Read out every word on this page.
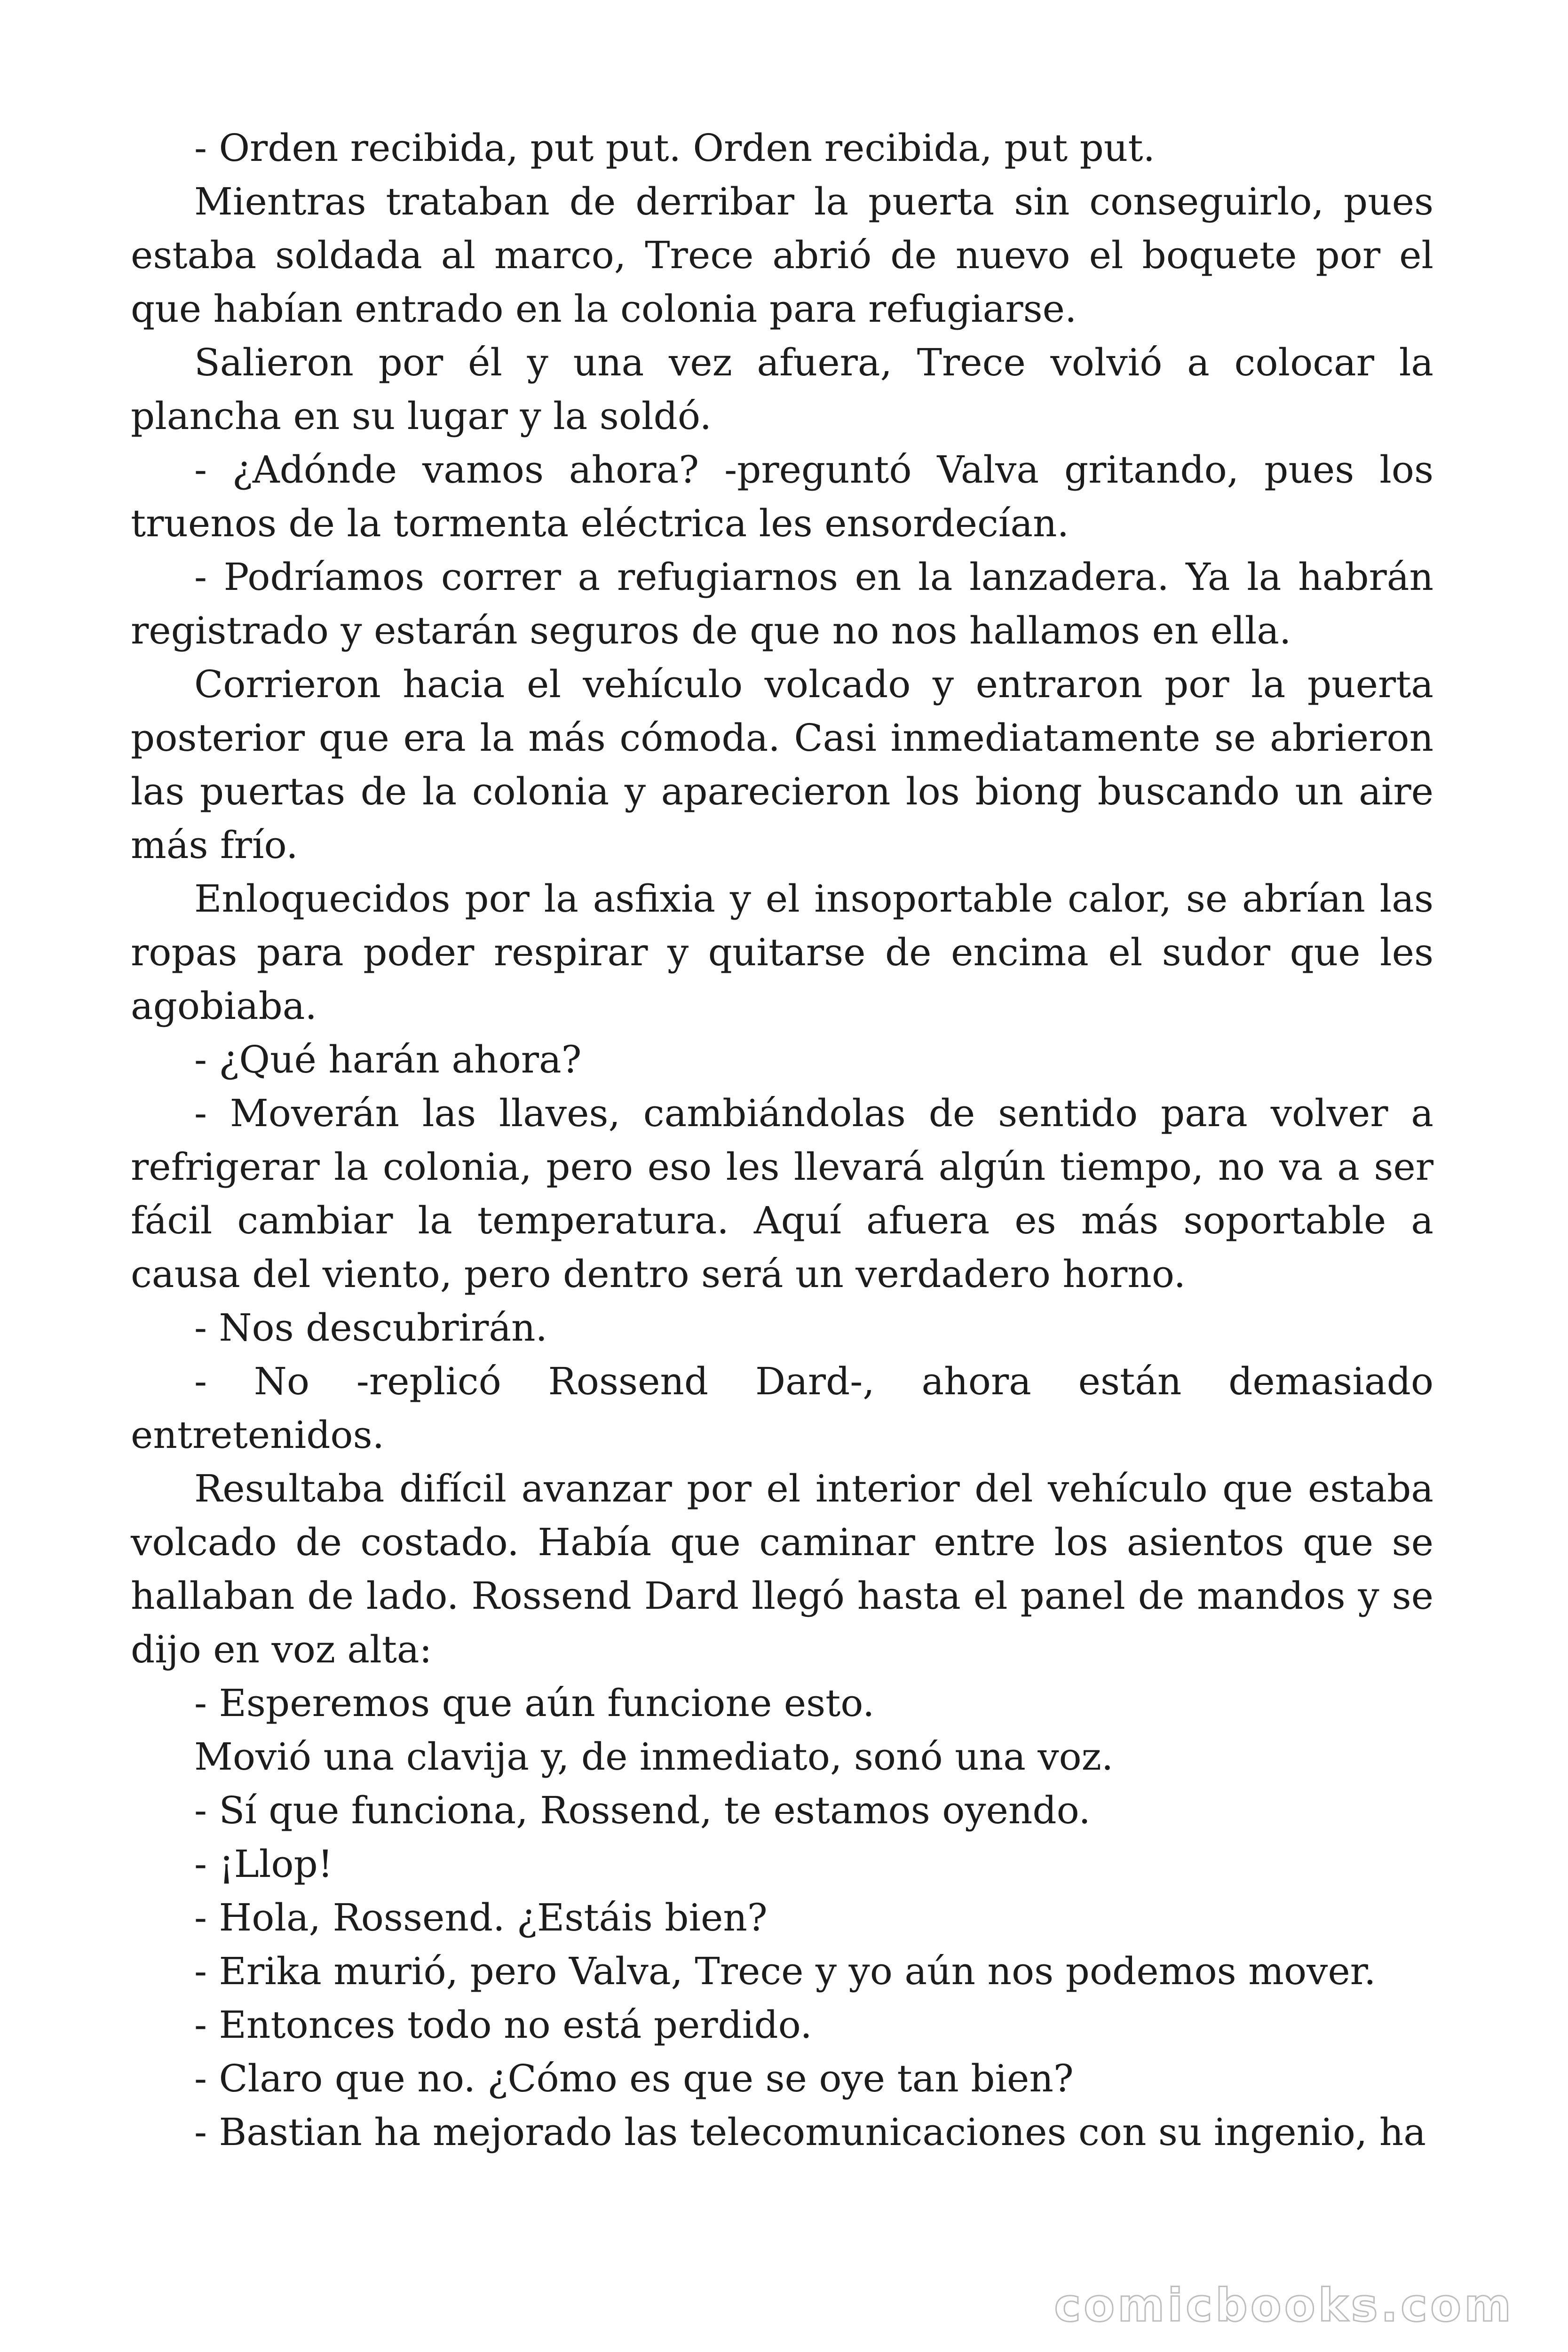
- Orden recibida, put put. Orden recibida, put put.

Mientras trataban de derribar la puerta sin conseguirlo, pues estaba soldada al marco, Trece abrió de nuevo el boquete por el que habían entrado en la colonia para refugiarse.

Salieron por él y una vez afuera, Trece volvió a colocar la plancha en su lugar y la soldó.

- ¿Adónde vamos ahora? -preguntó Valva gritando, pues los truenos de la tormenta eléctrica les ensordecían.

- Podríamos correr a refugiarnos en la lanzadera. Ya la habrán registrado y estarán seguros de que no nos hallamos en ella.

Corrieron hacia el vehículo volcado y entraron por la puerta posterior que era la más cómoda. Casi inmediatamente se abrieron las puertas de la colonia y aparecieron los biong buscando un aire más frío.

Enloquecidos por la asfixia y el insoportable calor, se abrían las ropas para poder respirar y quitarse de encima el sudor que les agobiaba.

- ¿Qué harán ahora?

- Moverán las llaves, cambiándolas de sentido para volver a refrigerar la colonia, pero eso les llevará algún tiempo, no va a ser fácil cambiar la temperatura. Aquí afuera es más soportable a causa del viento, pero dentro será un verdadero horno.

- Nos descubrirán.

- No -replicó Rossend Dard-, ahora están demasiado entretenidos.

Resultaba difícil avanzar por el interior del vehículo que estaba volcado de costado. Había que caminar entre los asientos que se hallaban de lado. Rossend Dard llegó hasta el panel de mandos y se dijo en voz alta:

- Esperemos que aún funcione esto.

Movió una clavija y, de inmediato, sonó una voz.

- Sí que funciona, Rossend, te estamos oyendo.

- ¡Llop!

- Hola, Rossend. ¿Estáis bien?

- Erika murió, pero Valva, Trece y yo aún nos podemos mover.

- Entonces todo no está perdido.

- Claro que no. ¿Cómo es que se oye tan bien?

- Bastian ha mejorado las telecomunicaciones con su ingenio, ha

comicbooks.com
